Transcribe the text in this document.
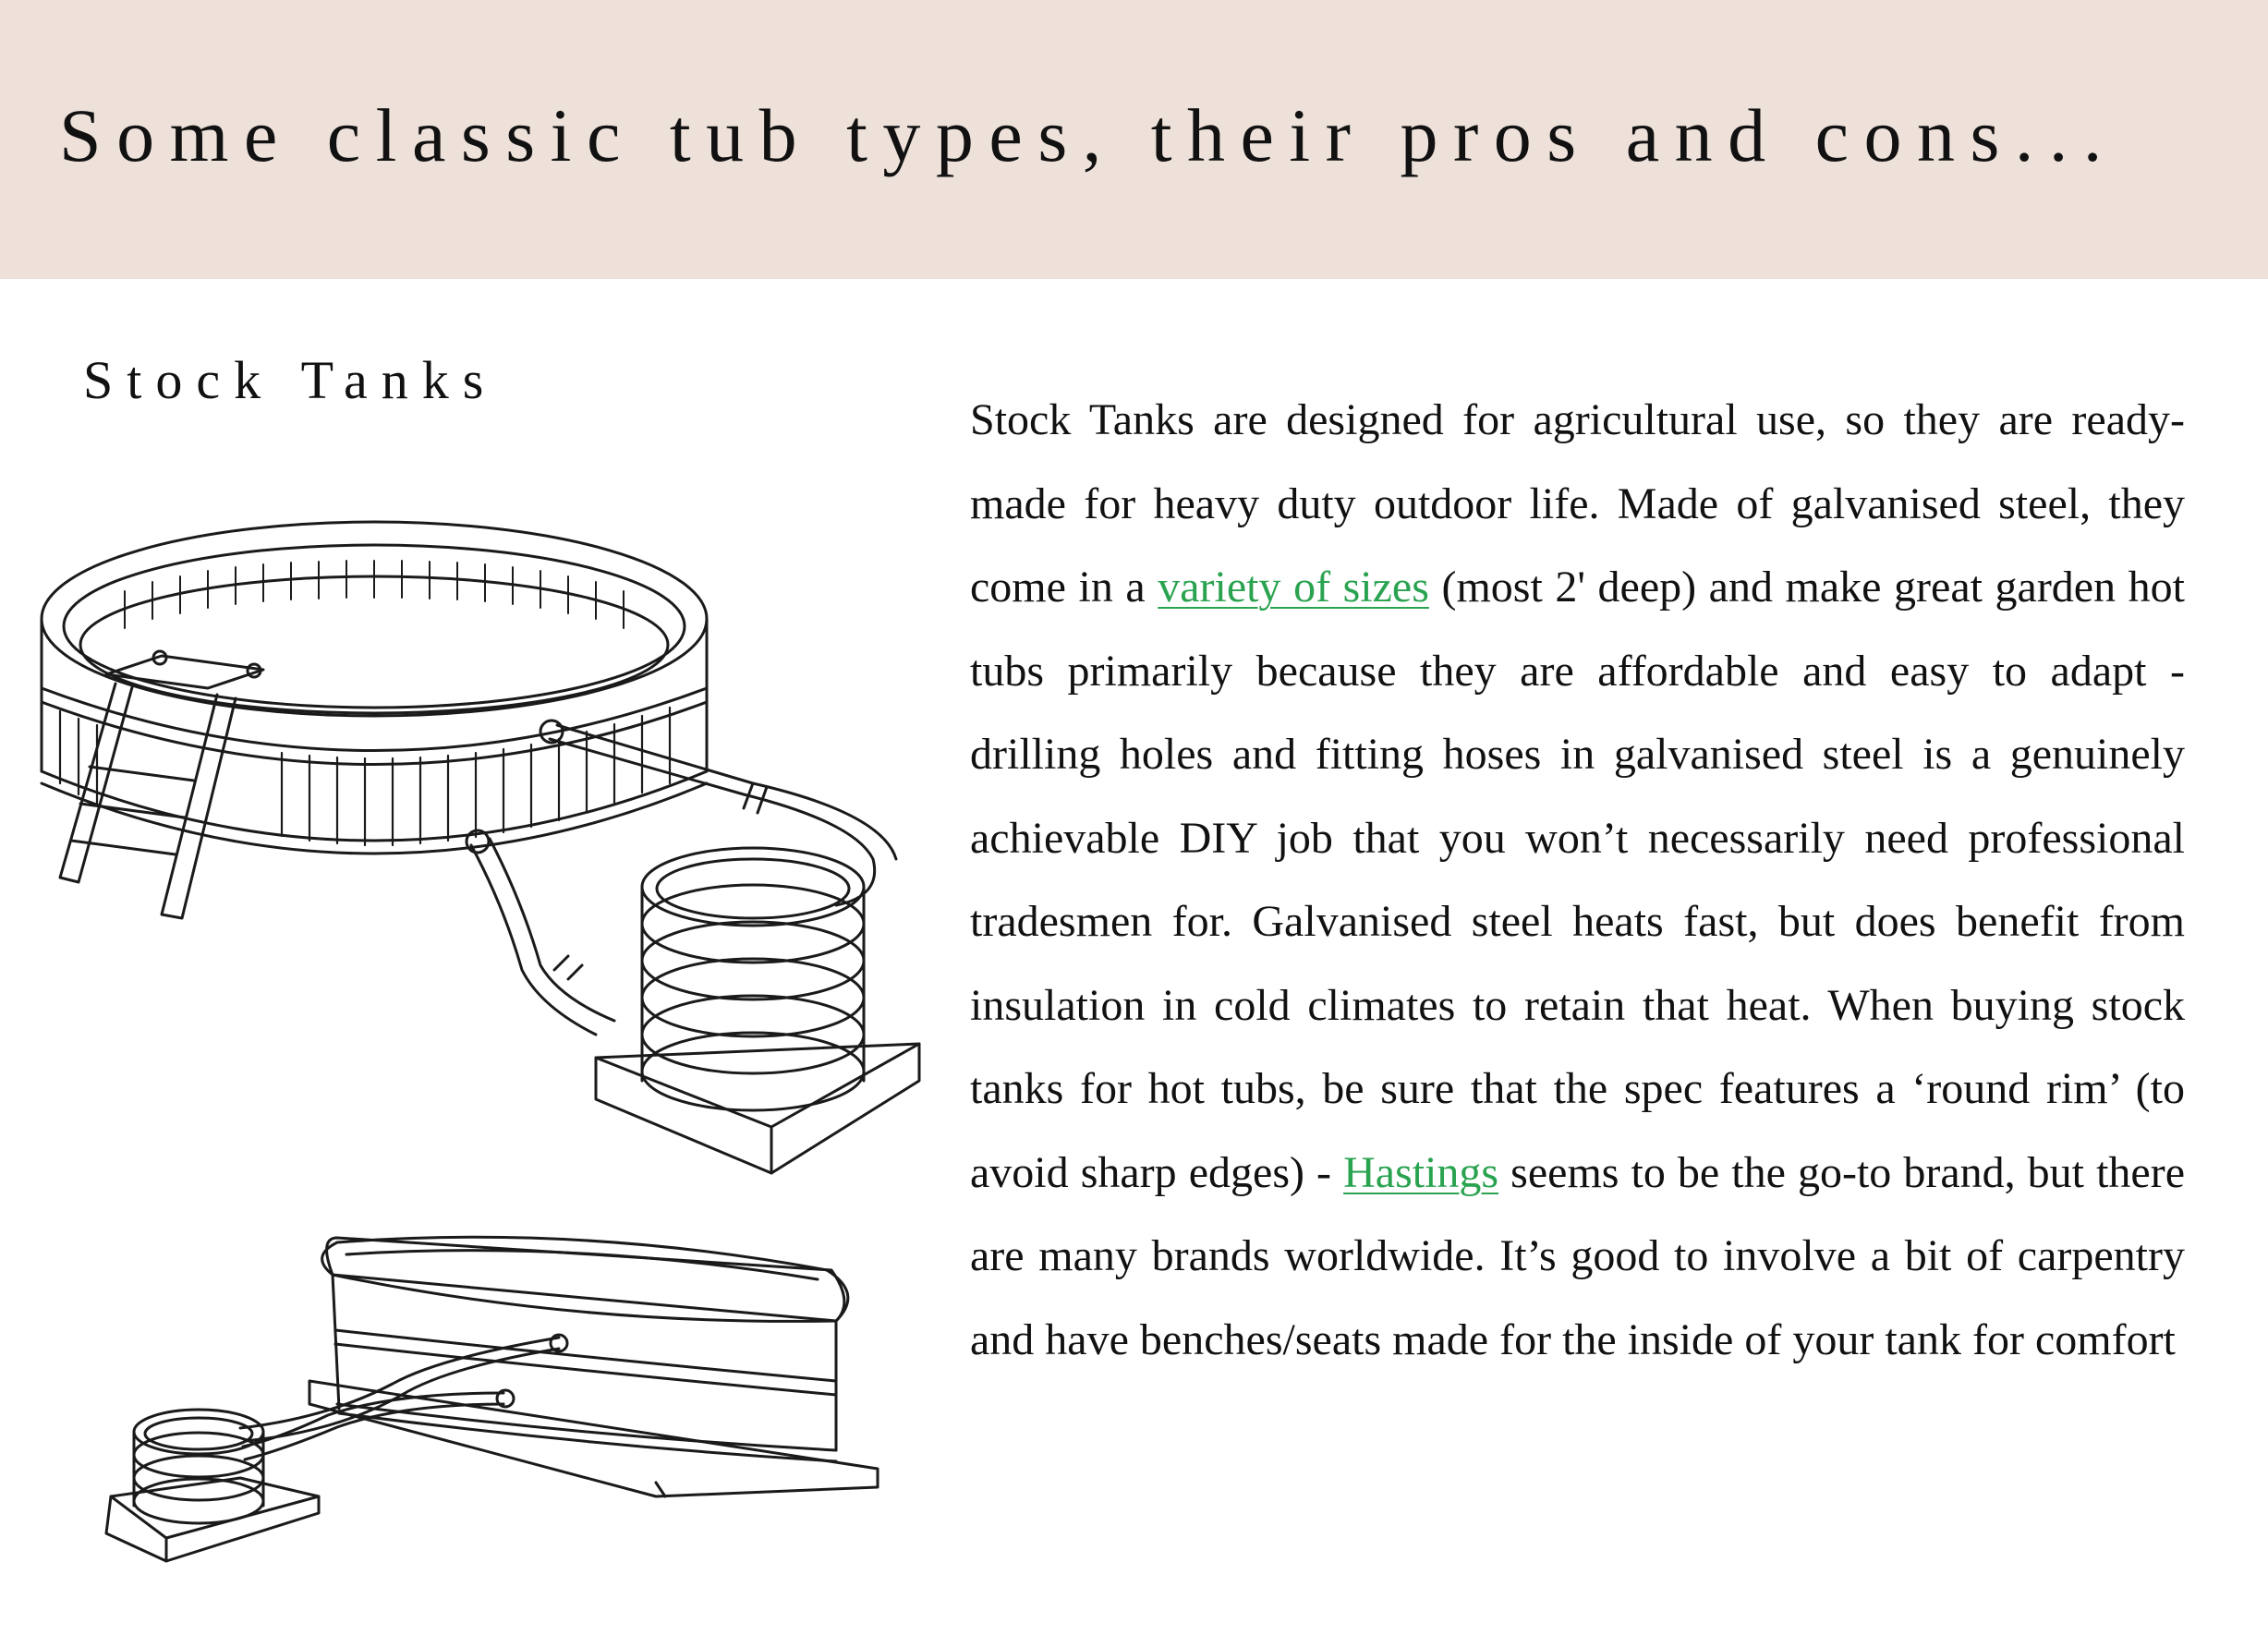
Some classic tub types, their pros and cons...
Stock Tanks

Stock Tanks are designed for agricultural use, so they are ready-made for heavy duty outdoor life. Made of galvanised steel, they come in a variety of sizes (most 2' deep) and make great garden hot tubs primarily because they are affordable and easy to adapt - drilling holes and fitting hoses in galvanised steel is a genuinely achievable DIY job that you won’t necessarily need professional tradesmen for. Galvanised steel heats fast, but does benefit from insulation in cold climates to retain that heat. When buying stock tanks for hot tubs, be sure that the spec features a ‘round rim’ (to avoid sharp edges) - Hastings seems to be the go-to brand, but there are many brands worldwide. It’s good to involve a bit of carpentry and have benches/seats made for the inside of your tank for comfort
